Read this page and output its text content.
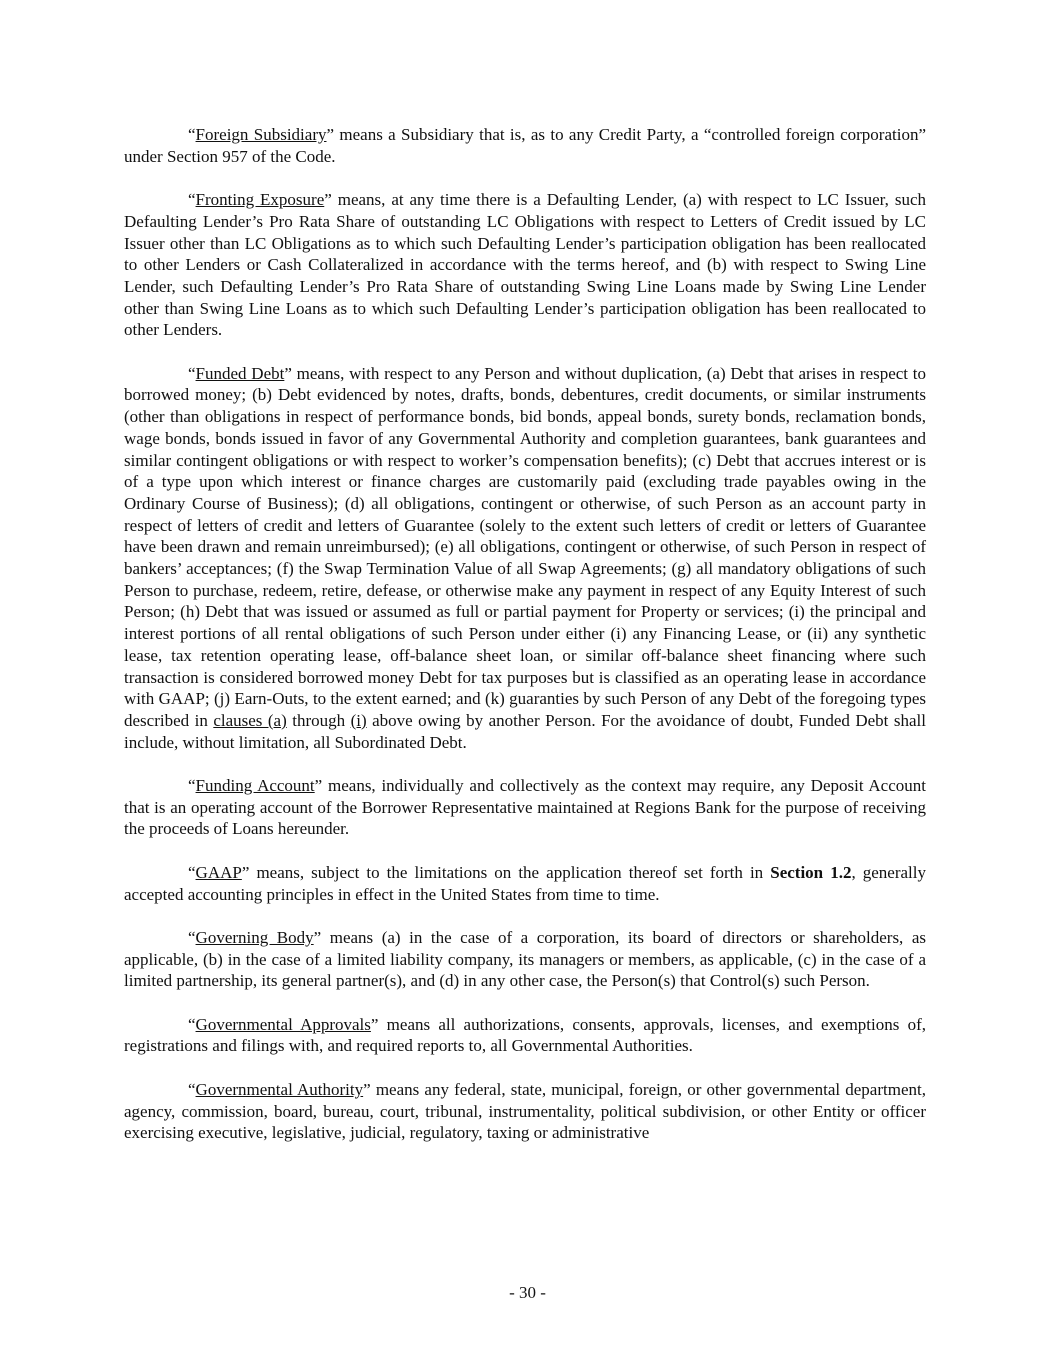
“Foreign Subsidiary” means a Subsidiary that is, as to any Credit Party, a “controlled foreign corporation” under Section 957 of the Code.

“Fronting Exposure” means, at any time there is a Defaulting Lender, (a) with respect to LC Issuer, such Defaulting Lender’s Pro Rata Share of outstanding LC Obligations with respect to Letters of Credit issued by LC Issuer other than LC Obligations as to which such Defaulting Lender’s participation obligation has been reallocated to other Lenders or Cash Collateralized in accordance with the terms hereof, and (b) with respect to Swing Line Lender, such Defaulting Lender’s Pro Rata Share of outstanding Swing Line Loans made by Swing Line Lender other than Swing Line Loans as to which such Defaulting Lender’s participation obligation has been reallocated to other Lenders.

“Funded Debt” means, with respect to any Person and without duplication, (a) Debt that arises in respect to borrowed money; (b) Debt evidenced by notes, drafts, bonds, debentures, credit documents, or similar instruments (other than obligations in respect of performance bonds, bid bonds, appeal bonds, surety bonds, reclamation bonds, wage bonds, bonds issued in favor of any Governmental Authority and completion guarantees, bank guarantees and similar contingent obligations or with respect to worker’s compensation benefits); (c) Debt that accrues interest or is of a type upon which interest or finance charges are customarily paid (excluding trade payables owing in the Ordinary Course of Business); (d) all obligations, contingent or otherwise, of such Person as an account party in respect of letters of credit and letters of Guarantee (solely to the extent such letters of credit or letters of Guarantee have been drawn and remain unreimbursed); (e) all obligations, contingent or otherwise, of such Person in respect of bankers’ acceptances; (f) the Swap Termination Value of all Swap Agreements; (g) all mandatory obligations of such Person to purchase, redeem, retire, defease, or otherwise make any payment in respect of any Equity Interest of such Person; (h) Debt that was issued or assumed as full or partial payment for Property or services; (i) the principal and interest portions of all rental obligations of such Person under either (i) any Financing Lease, or (ii) any synthetic lease, tax retention operating lease, off-balance sheet loan, or similar off-balance sheet financing where such transaction is considered borrowed money Debt for tax purposes but is classified as an operating lease in accordance with GAAP; (j) Earn-Outs, to the extent earned; and (k) guaranties by such Person of any Debt of the foregoing types described in clauses (a) through (i) above owing by another Person. For the avoidance of doubt, Funded Debt shall include, without limitation, all Subordinated Debt.

“Funding Account” means, individually and collectively as the context may require, any Deposit Account that is an operating account of the Borrower Representative maintained at Regions Bank for the purpose of receiving the proceeds of Loans hereunder.

“GAAP” means, subject to the limitations on the application thereof set forth in Section 1.2, generally accepted accounting principles in effect in the United States from time to time.

“Governing Body” means (a) in the case of a corporation, its board of directors or shareholders, as applicable, (b) in the case of a limited liability company, its managers or members, as applicable, (c) in the case of a limited partnership, its general partner(s), and (d) in any other case, the Person(s) that Control(s) such Person.

“Governmental Approvals” means all authorizations, consents, approvals, licenses, and exemptions of, registrations and filings with, and required reports to, all Governmental Authorities.

“Governmental Authority” means any federal, state, municipal, foreign, or other governmental department, agency, commission, board, bureau, court, tribunal, instrumentality, political subdivision, or other Entity or officer exercising executive, legislative, judicial, regulatory, taxing or administrative

- 30 -
